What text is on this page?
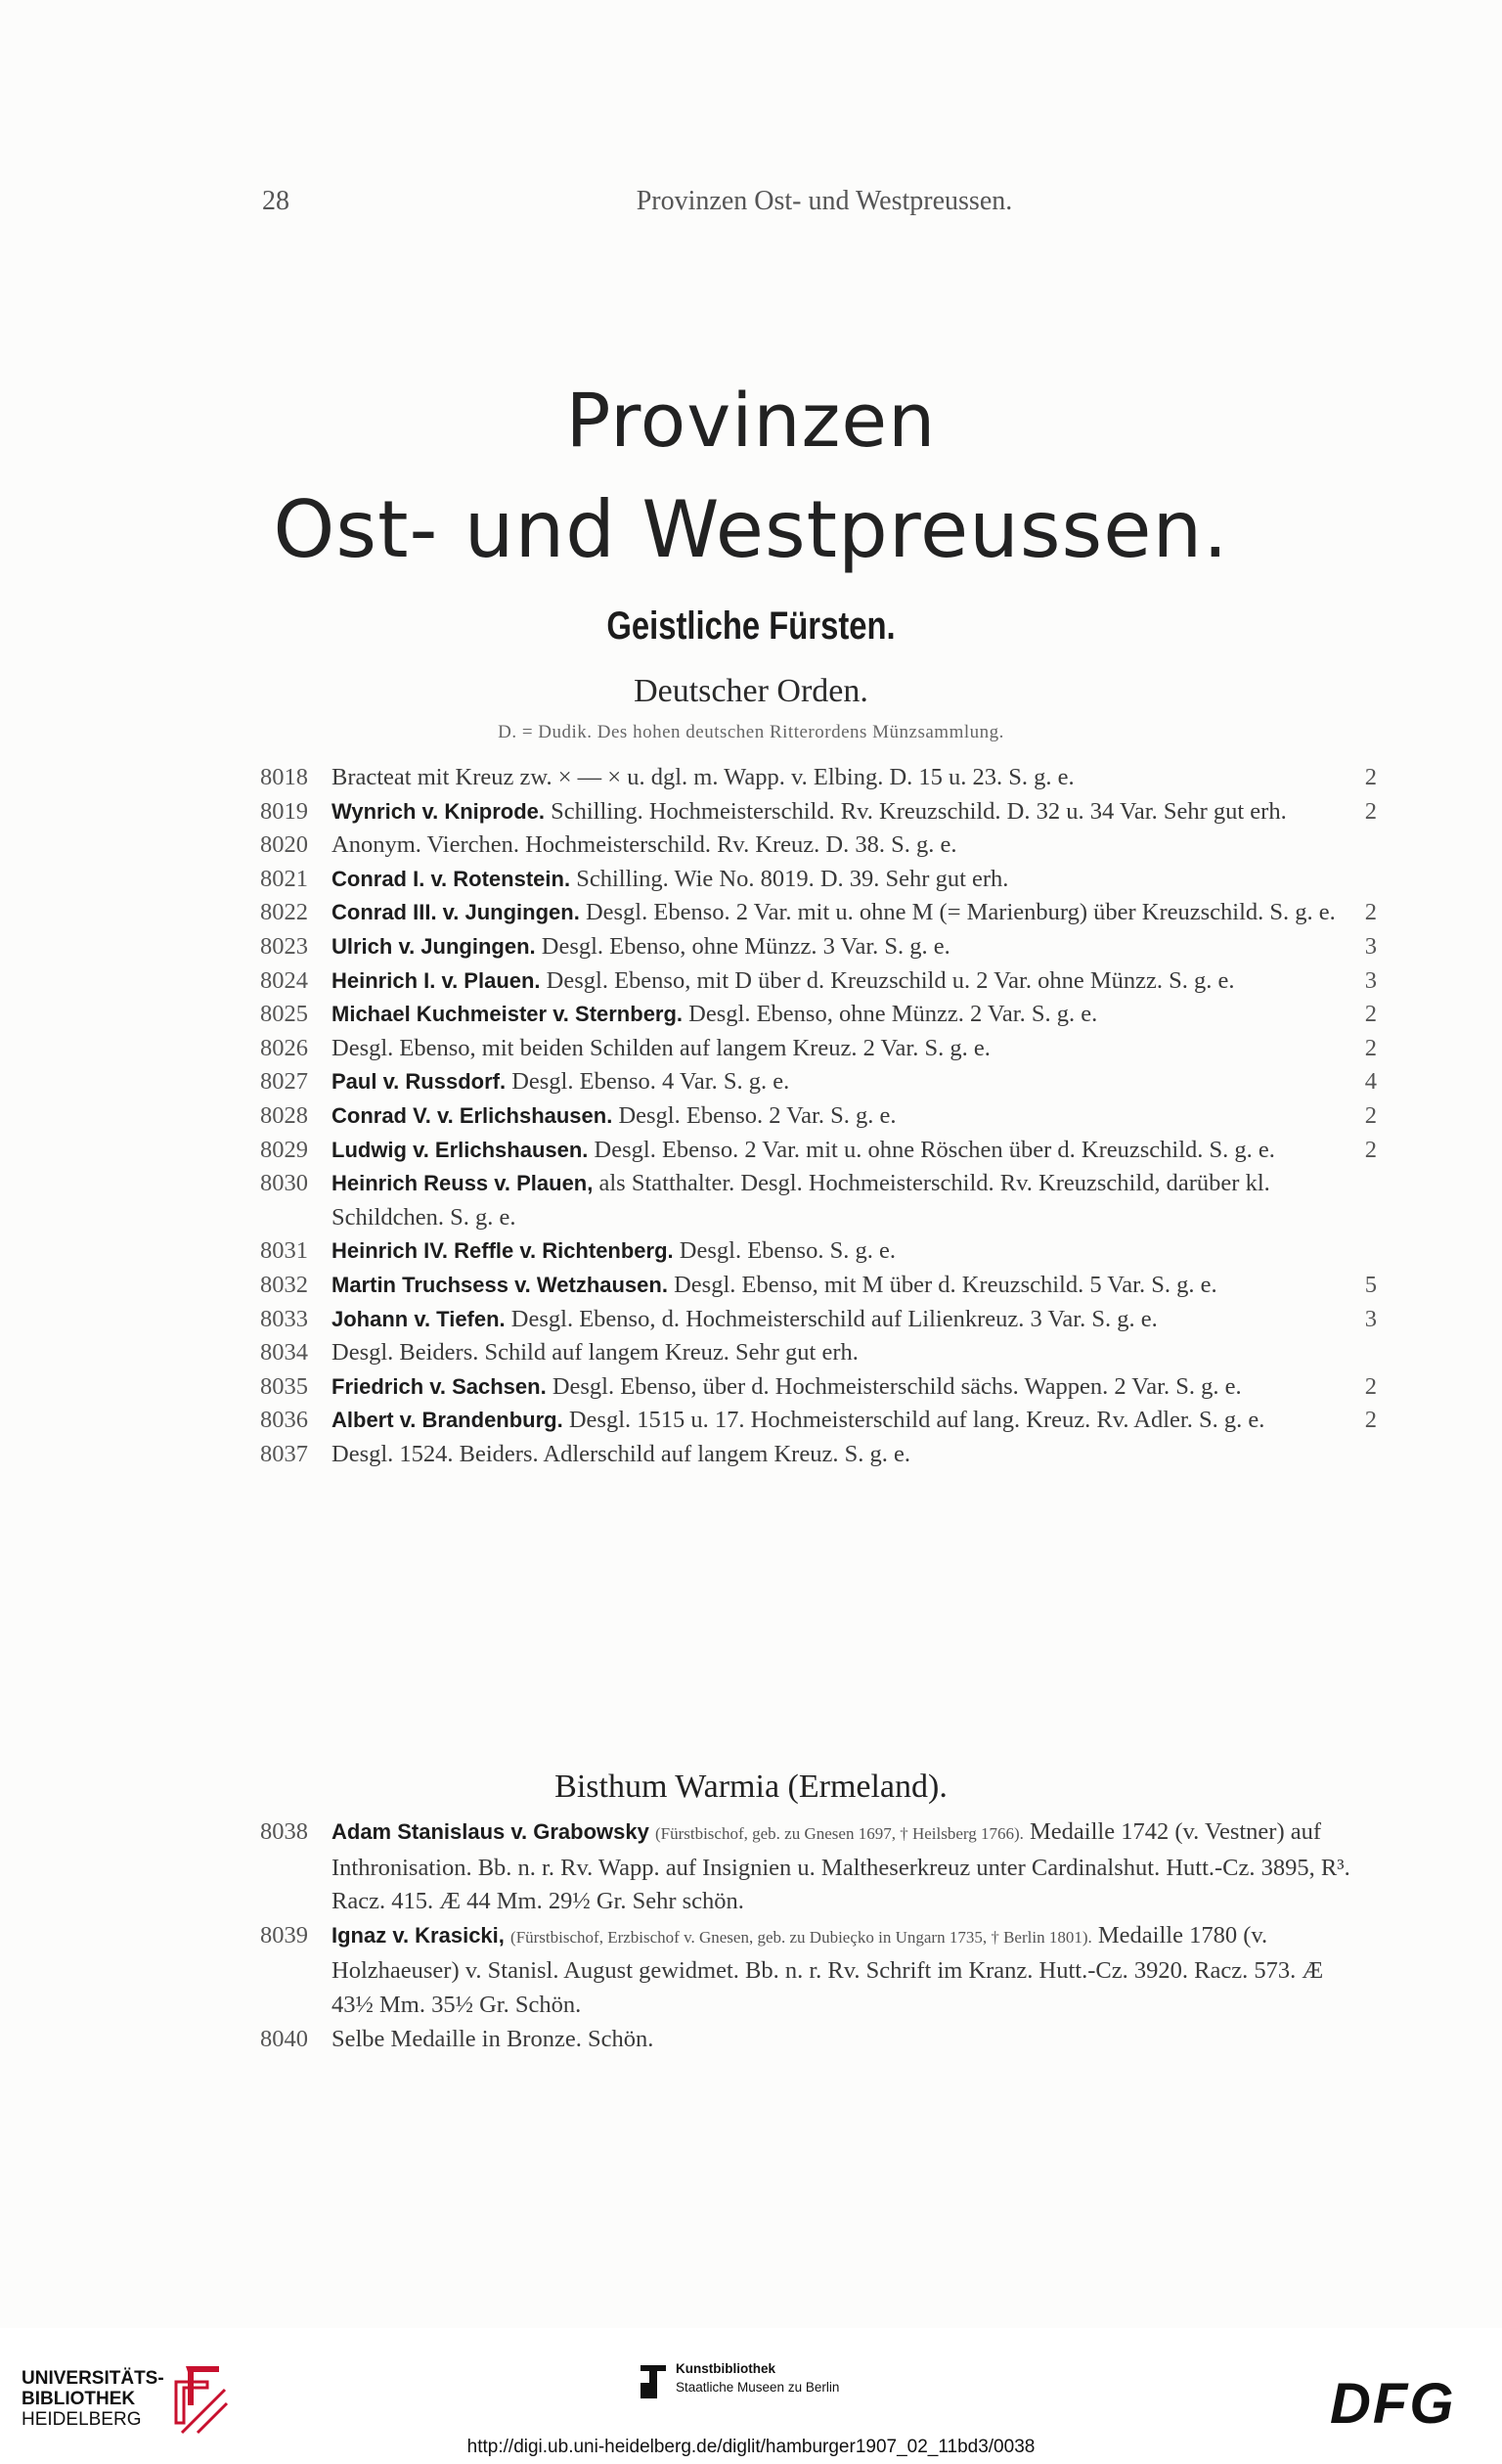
28	Provinzen Ost- und Westpreussen.
Provinzen
Ost- und Westpreussen.
Geistliche Fürsten.
Deutscher Orden.
D. = Dudik. Des hohen deutschen Ritterordens Münzsammlung.
8018 Bracteat mit Kreuz zw. × — × u. dgl. m. Wapp. v. Elbing. D. 15 u. 23. S. g. e.	2
8019 Wynrich v. Kniprode. Schilling. Hochmeisterschild. Rv. Kreuzschild. D. 32 u. 34 Var. Sehr gut erh.	2
8020 Anonym. Vierchen. Hochmeisterschild. Rv. Kreuz. D. 38. S. g. e.
8021 Conrad I. v. Rotenstein. Schilling. Wie No. 8019. D. 39. Sehr gut erh.
8022 Conrad III. v. Jungingen. Desgl. Ebenso. 2 Var. mit u. ohne M (= Marienburg) über Kreuzschild. S. g. e. 2
8023 Ulrich v. Jungingen. Desgl. Ebenso, ohne Münzz. 3 Var. S. g. e.	3
8024 Heinrich I. v. Plauen. Desgl. Ebenso, mit D über d. Kreuzschild u. 2 Var. ohne Münzz. S. g. e.	3
8025 Michael Kuchmeister v. Sternberg. Desgl. Ebenso, ohne Münzz. 2 Var. S. g. e.	2
8026 Desgl. Ebenso, mit beiden Schilden auf langem Kreuz. 2 Var. S. g. e.	2
8027 Paul v. Russdorf. Desgl. Ebenso. 4 Var. S. g. e.	4
8028 Conrad V. v. Erlichshausen. Desgl. Ebenso. 2 Var. S. g. e.	2
8029 Ludwig v. Erlichshausen. Desgl. Ebenso. 2 Var. mit u. ohne Röschen über d. Kreuzschild. S. g. e.	2
8030 Heinrich Reuss v. Plauen, als Statthalter. Desgl. Hochmeisterschild. Rv. Kreuzschild, darüber kl. Schildchen. S. g. e.
8031 Heinrich IV. Reffle v. Richtenberg. Desgl. Ebenso. S. g. e.
8032 Martin Truchsess v. Wetzhausen. Desgl. Ebenso, mit M über d. Kreuzschild. 5 Var. S. g. e.	5
8033 Johann v. Tiefen. Desgl. Ebenso, d. Hochmeisterschild auf Lilienkreuz. 3 Var. S. g. e.	3
8034 Desgl. Beiders. Schild auf langem Kreuz. Sehr gut erh.
8035 Friedrich v. Sachsen. Desgl. Ebenso, über d. Hochmeisterschild sächs. Wappen. 2 Var. S. g. e.	2
8036 Albert v. Brandenburg. Desgl. 1515 u. 17. Hochmeisterschild auf lang. Kreuz. Rv. Adler. S. g. e.	2
8037 Desgl. 1524. Beiders. Adlerschild auf langem Kreuz. S. g. e.
Bisthum Warmia (Ermeland).
8038 Adam Stanislaus v. Grabowsky (Fürstbischof, geb. zu Gnesen 1697, † Heilsberg 1766). Medaille 1742 (v. Vestner) auf Inthronisation. Bb. n. r. Rv. Wapp. auf Insignien u. Maltheserkreuz unter Cardinalshut. Hutt.-Cz. 3895, R³. Racz. 415. Æ 44 Mm. 29½ Gr. Sehr schön.
8039 Ignaz v. Krasicki, (Fürstbischof, Erzbischof v. Gnesen, geb. zu Dubieçko in Ungarn 1735, † Berlin 1801). Medaille 1780 (v. Holzhaeuser) v. Stanisl. August gewidmet. Bb. n. r. Rv. Schrift im Kranz. Hutt.-Cz. 3920. Racz. 573. Æ 43½ Mm. 35½ Gr. Schön.
8040 Selbe Medaille in Bronze. Schön.
UNIVERSITÄTS-
BIBLIOTHEK
HEIDELBERG
Kunstbibliothek
Staatliche Museen zu Berlin	DFG
http://digi.ub.uni-heidelberg.de/diglit/hamburger1907_02_11bd3/0038
